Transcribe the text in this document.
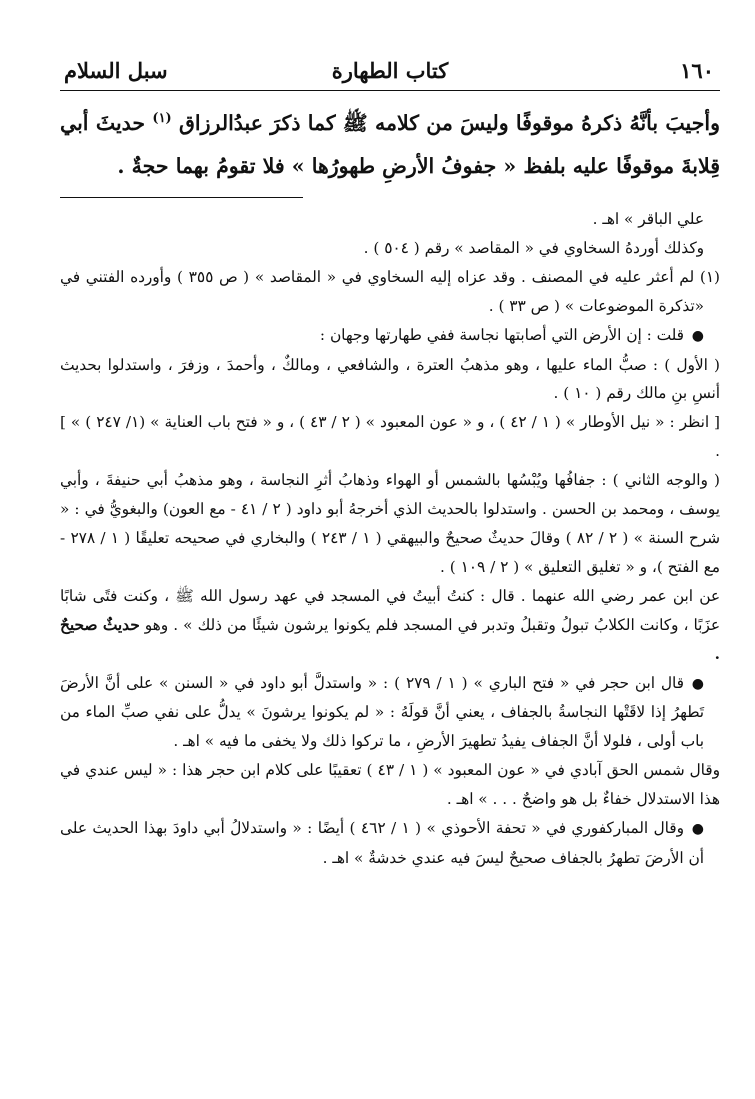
١٦٠
كتاب الطهارة
سبل السلام

وأجيبَ بأنَّهُ ذكرهُ موقوفًا وليسَ من كلامه ﷺ كما ذكرَ عبدُالرزاق $^{(١)}$ حديثَ أبي قِلابةَ موقوفًا عليه بلفظ « جفوفُ الأرضِ طهورُها » فلا تقومُ بهما حجةٌ .

علي الباقر » اهـ .

وكذلك أوردهُ السخاوي في « المقاصد » رقم ( ٥٠٤ ) .

(١) لم أعثر عليه في المصنف . وقد عزاه إليه السخاوي في « المقاصد » ( ص ٣٥٥ ) وأورده الفتني في «تذكرة الموضوعات » ( ص ٣٣ ) .

●قلت : إن الأرض التي أصابتها نجاسة ففي طهارتها وجهان :

( الأول ) : صبُّ الماء عليها ، وهو مذهبُ العترة ، والشافعي ، ومالكٌ ، وأحمدَ ، وزفرَ ، واستدلوا بحديث أنسِ بنِ مالك رقم ( ١٠ ) .

[ انظر : « نيل الأوطار » ( ١ / ٤٢ ) ، و « عون المعبود » ( ٢ / ٤٣ ) ، و « فتح باب العناية » (١/ ٢٤٧ ) » ] .

( والوجه الثاني ) : جفافُها ويُبْسُها بالشمس أو الهواء وذهابُ أثرِ النجاسة ، وهو مذهبُ أبي حنيفةَ ، وأبي يوسف ، ومحمد بن الحسن . واستدلوا بالحديث الذي أخرجهُ أبو داود ( ٢ / ٤١ - مع العون) والبغويُّ في : « شرح السنة » ( ٢ / ٨٢ ) وقالَ حديثٌ صحيحٌ والبيهقي ( ١ / ٢٤٣ ) والبخاري في صحيحه تعليقًا ( ١ / ٢٧٨ - مع الفتح )، و « تغليق التعليق » ( ٢ / ١٠٩ ) .

عن ابن عمر رضي الله عنهما . قال : كنتُ أبيتُ في المسجد في عهد رسول الله ﷺ ، وكنت فتًى شابًا عزَبًا ، وكانت الكلابُ تبولُ وتقبلُ وتدبر في المسجد فلم يكونوا يرشون شيئًا من ذلك » . وهو حديثٌ صحيحٌ .

●قال ابن حجر في « فتح الباري » ( ١ / ٢٧٩ ) : « واستدلَّ أبو داود في « السنن » على أنَّ الأرضَ تَطهرُ إذا لاقَتْها النجاسةُ بالجفاف ، يعني أنَّ قولَهُ : « لم يكونوا يرشونَ » يدلُّ على نفي صبِّ الماء من باب أولى ، فلولا أنَّ الجفاف يفيدُ تطهيرَ الأرضِ ، ما تركوا ذلك ولا يخفى ما فيه » اهـ .

وقال شمس الحق آبادي في « عون المعبود » ( ١ / ٤٣ ) تعقيبًا على كلام ابن حجر هذا : « ليس عندي في هذا الاستدلال خفاءٌ بل هو واضحٌ . . . » اهـ .

●وقال المباركفوري في « تحفة الأحوذي » ( ١ / ٤٦٢ ) أيضًا : « واستدلالُ أبي داودَ بهذا الحديث على أن الأرضَ تطهرُ بالجفاف صحيحٌ ليسَ فيه عندي خدشةٌ » اهـ .
